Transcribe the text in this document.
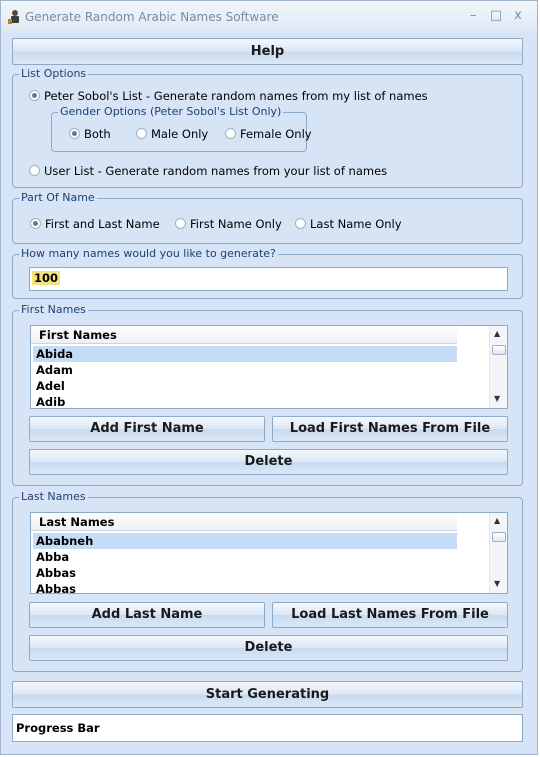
Generate Random Arabic Names Software	–	□ x
Help
List Options
Peter Sobol's List - Generate random names from my list of names
Gender Options (Peter Sobol's List Only)
Both	Male Only	Female Only
User List - Generate random names from your list of names
Part Of Name
First and Last Name	First Name Only	Last Name Only
How many names would you like to generate?
100
First Names
First Names
Abida
Adam
Adel
Adib
▲
▼
Add First Name	Load First Names From File
Delete
Last Names
Last Names
Ababneh
Abba
Abbas
Abbas
▲
▼
Add Last Name	Load Last Names From File
Delete
Start Generating
Progress Bar
